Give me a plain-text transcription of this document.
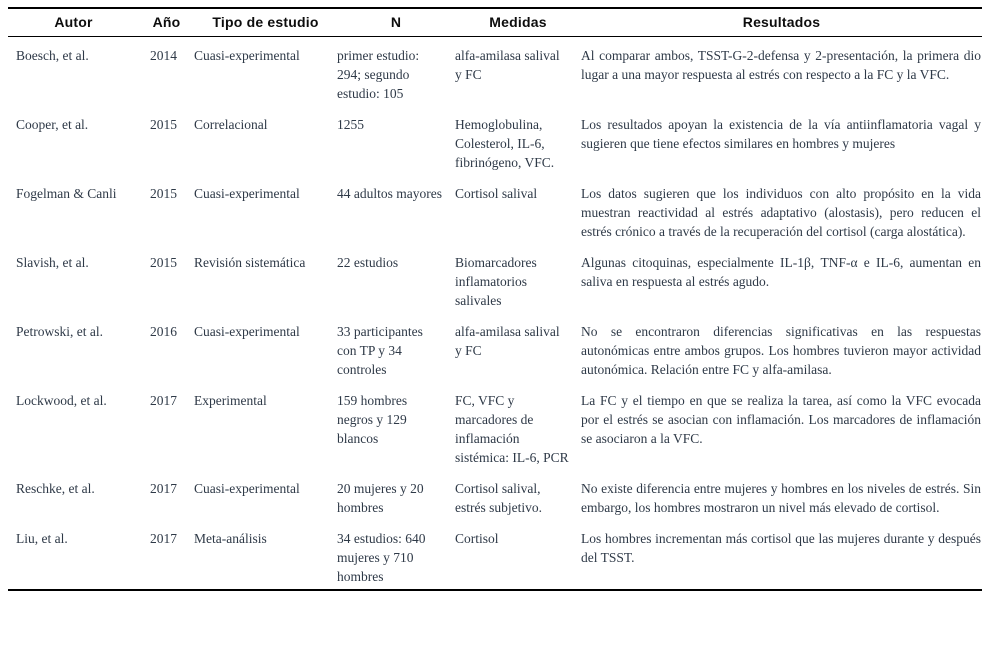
Autor	Año	Tipo de estudio	N	Medidas	Resultados
Boesch, et al.	2014	Cuasi-experimental	primer estudio: 294; segundo estudio: 105	alfa-amilasa salival y FC	Al comparar ambos, TSST-G-2-defensa y 2-presentación, la primera dio lugar a una mayor respuesta al estrés con respecto a la FC y la VFC.
Cooper, et al.	2015	Correlacional	1255	Hemoglobulina, Colesterol, IL-6, fibrinógeno, VFC.	Los resultados apoyan la existencia de la vía antiinflamatoria vagal y sugieren que tiene efectos similares en hombres y mujeres
Fogelman & Canli	2015	Cuasi-experimental	44 adultos mayores	Cortisol salival	Los datos sugieren que los individuos con alto propósito en la vida muestran reactividad al estrés adaptativo (alostasis), pero reducen el estrés crónico a través de la recuperación del cortisol (carga alostática).
Slavish, et al.	2015	Revisión sistemática	22 estudios	Biomarcadores inflamatorios salivales	Algunas citoquinas, especialmente IL-1β, TNF-α e IL-6, aumentan en saliva en respuesta al estrés agudo.
Petrowski, et al.	2016	Cuasi-experimental	33 participantes con TP y 34 controles	alfa-amilasa salival y FC	No se encontraron diferencias significativas en las respuestas autonómicas entre ambos grupos. Los hombres tuvieron mayor actividad autonómica. Relación entre FC y alfa-amilasa.
Lockwood, et al.	2017	Experimental	159 hombres negros y 129 blancos	FC, VFC y marcadores de inflamación sistémica: IL-6, PCR	La FC y el tiempo en que se realiza la tarea, así como la VFC evocada por el estrés se asocian con inflamación. Los marcadores de inflamación se asociaron a la VFC.
Reschke, et al.	2017	Cuasi-experimental	20 mujeres y 20 hombres	Cortisol salival, estrés subjetivo.	No existe diferencia entre mujeres y hombres en los niveles de estrés. Sin embargo, los hombres mostraron un nivel más elevado de cortisol.
Liu, et al.	2017	Meta-análisis	34 estudios: 640 mujeres y 710 hombres	Cortisol	Los hombres incrementan más cortisol que las mujeres durante y después del TSST.
